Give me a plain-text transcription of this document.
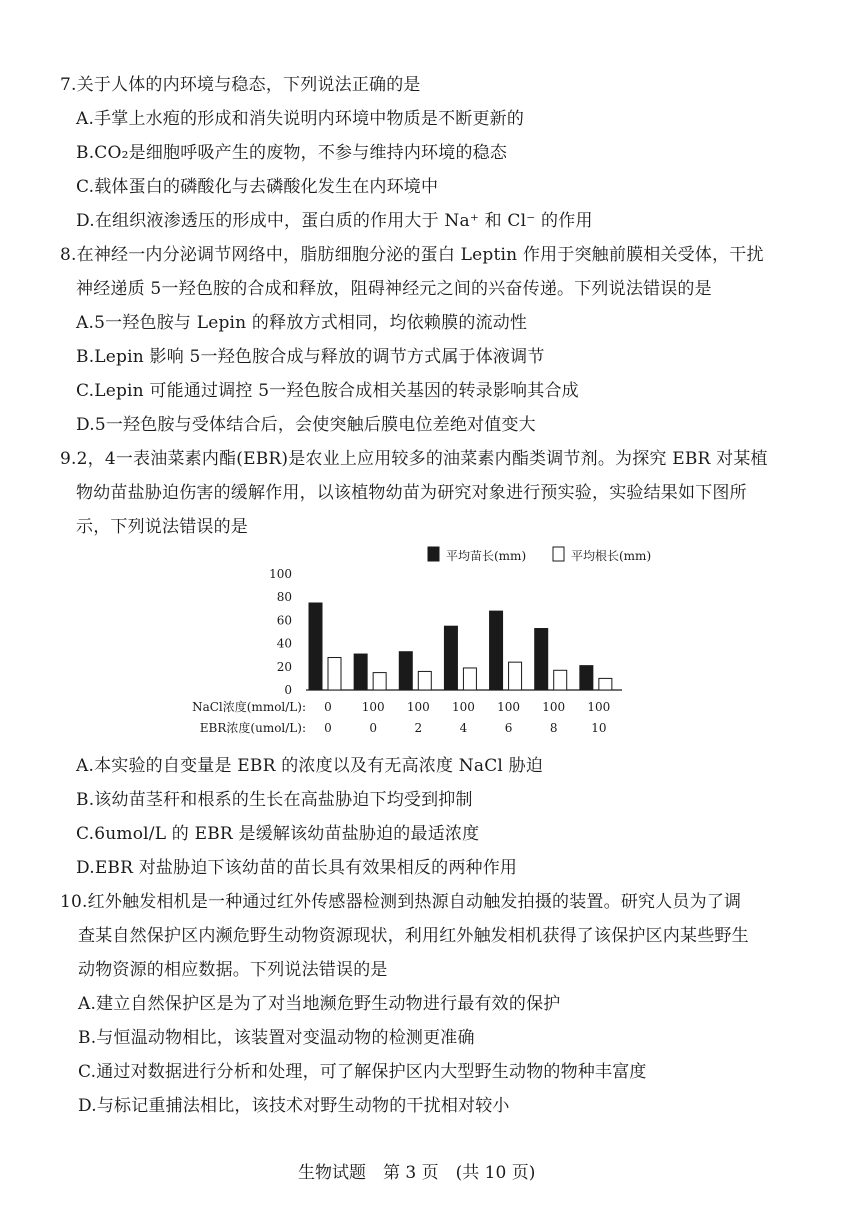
7.关于人体的内环境与稳态，下列说法正确的是
A.手掌上水疱的形成和消失说明内环境中物质是不断更新的
B.CO₂是细胞呼吸产生的废物，不参与维持内环境的稳态
C.载体蛋白的磷酸化与去磷酸化发生在内环境中
D.在组织液渗透压的形成中，蛋白质的作用大于 Na⁺ 和 Cl⁻ 的作用
8.在神经一内分泌调节网络中，脂肪细胞分泌的蛋白 Leptin 作用于突触前膜相关受体，干扰
神经递质 5一羟色胺的合成和释放，阻碍神经元之间的兴奋传递。下列说法错误的是
A.5一羟色胺与 Lepin 的释放方式相同，均依赖膜的流动性
B.Lepin 影响 5一羟色胺合成与释放的调节方式属于体液调节
C.Lepin 可能通过调控 5一羟色胺合成相关基因的转录影响其合成
D.5一羟色胺与受体结合后，会使突触后膜电位差绝对值变大
9.2，4一表油菜素内酯(EBR)是农业上应用较多的油菜素内酯类调节剂。为探究 EBR 对某植
物幼苗盐胁迫伤害的缓解作用，以该植物幼苗为研究对象进行预实验，实验结果如下图所
示，下列说法错误的是
平均苗长(mm)	平均根长(mm)
100
80
60
40
20
0
NaCl浓度(mmol/L): 0 100 100 100 100 100 100
EBR浓度(umol/L): 0	0	2	4	6	8	10
A.本实验的自变量是 EBR 的浓度以及有无高浓度 NaCl 胁迫
B.该幼苗茎秆和根系的生长在高盐胁迫下均受到抑制
C.6umol/L 的 EBR 是缓解该幼苗盐胁迫的最适浓度
D.EBR 对盐胁迫下该幼苗的苗长具有效果相反的两种作用
10.红外触发相机是一种通过红外传感器检测到热源自动触发拍摄的装置。研究人员为了调
查某自然保护区内濒危野生动物资源现状，利用红外触发相机获得了该保护区内某些野生
动物资源的相应数据。下列说法错误的是
A.建立自然保护区是为了对当地濒危野生动物进行最有效的保护
B.与恒温动物相比，该装置对变温动物的检测更准确
C.通过对数据进行分析和处理，可了解保护区内大型野生动物的物种丰富度
D.与标记重捕法相比，该技术对野生动物的干扰相对较小
生物试题　第 3 页　(共 10 页)
